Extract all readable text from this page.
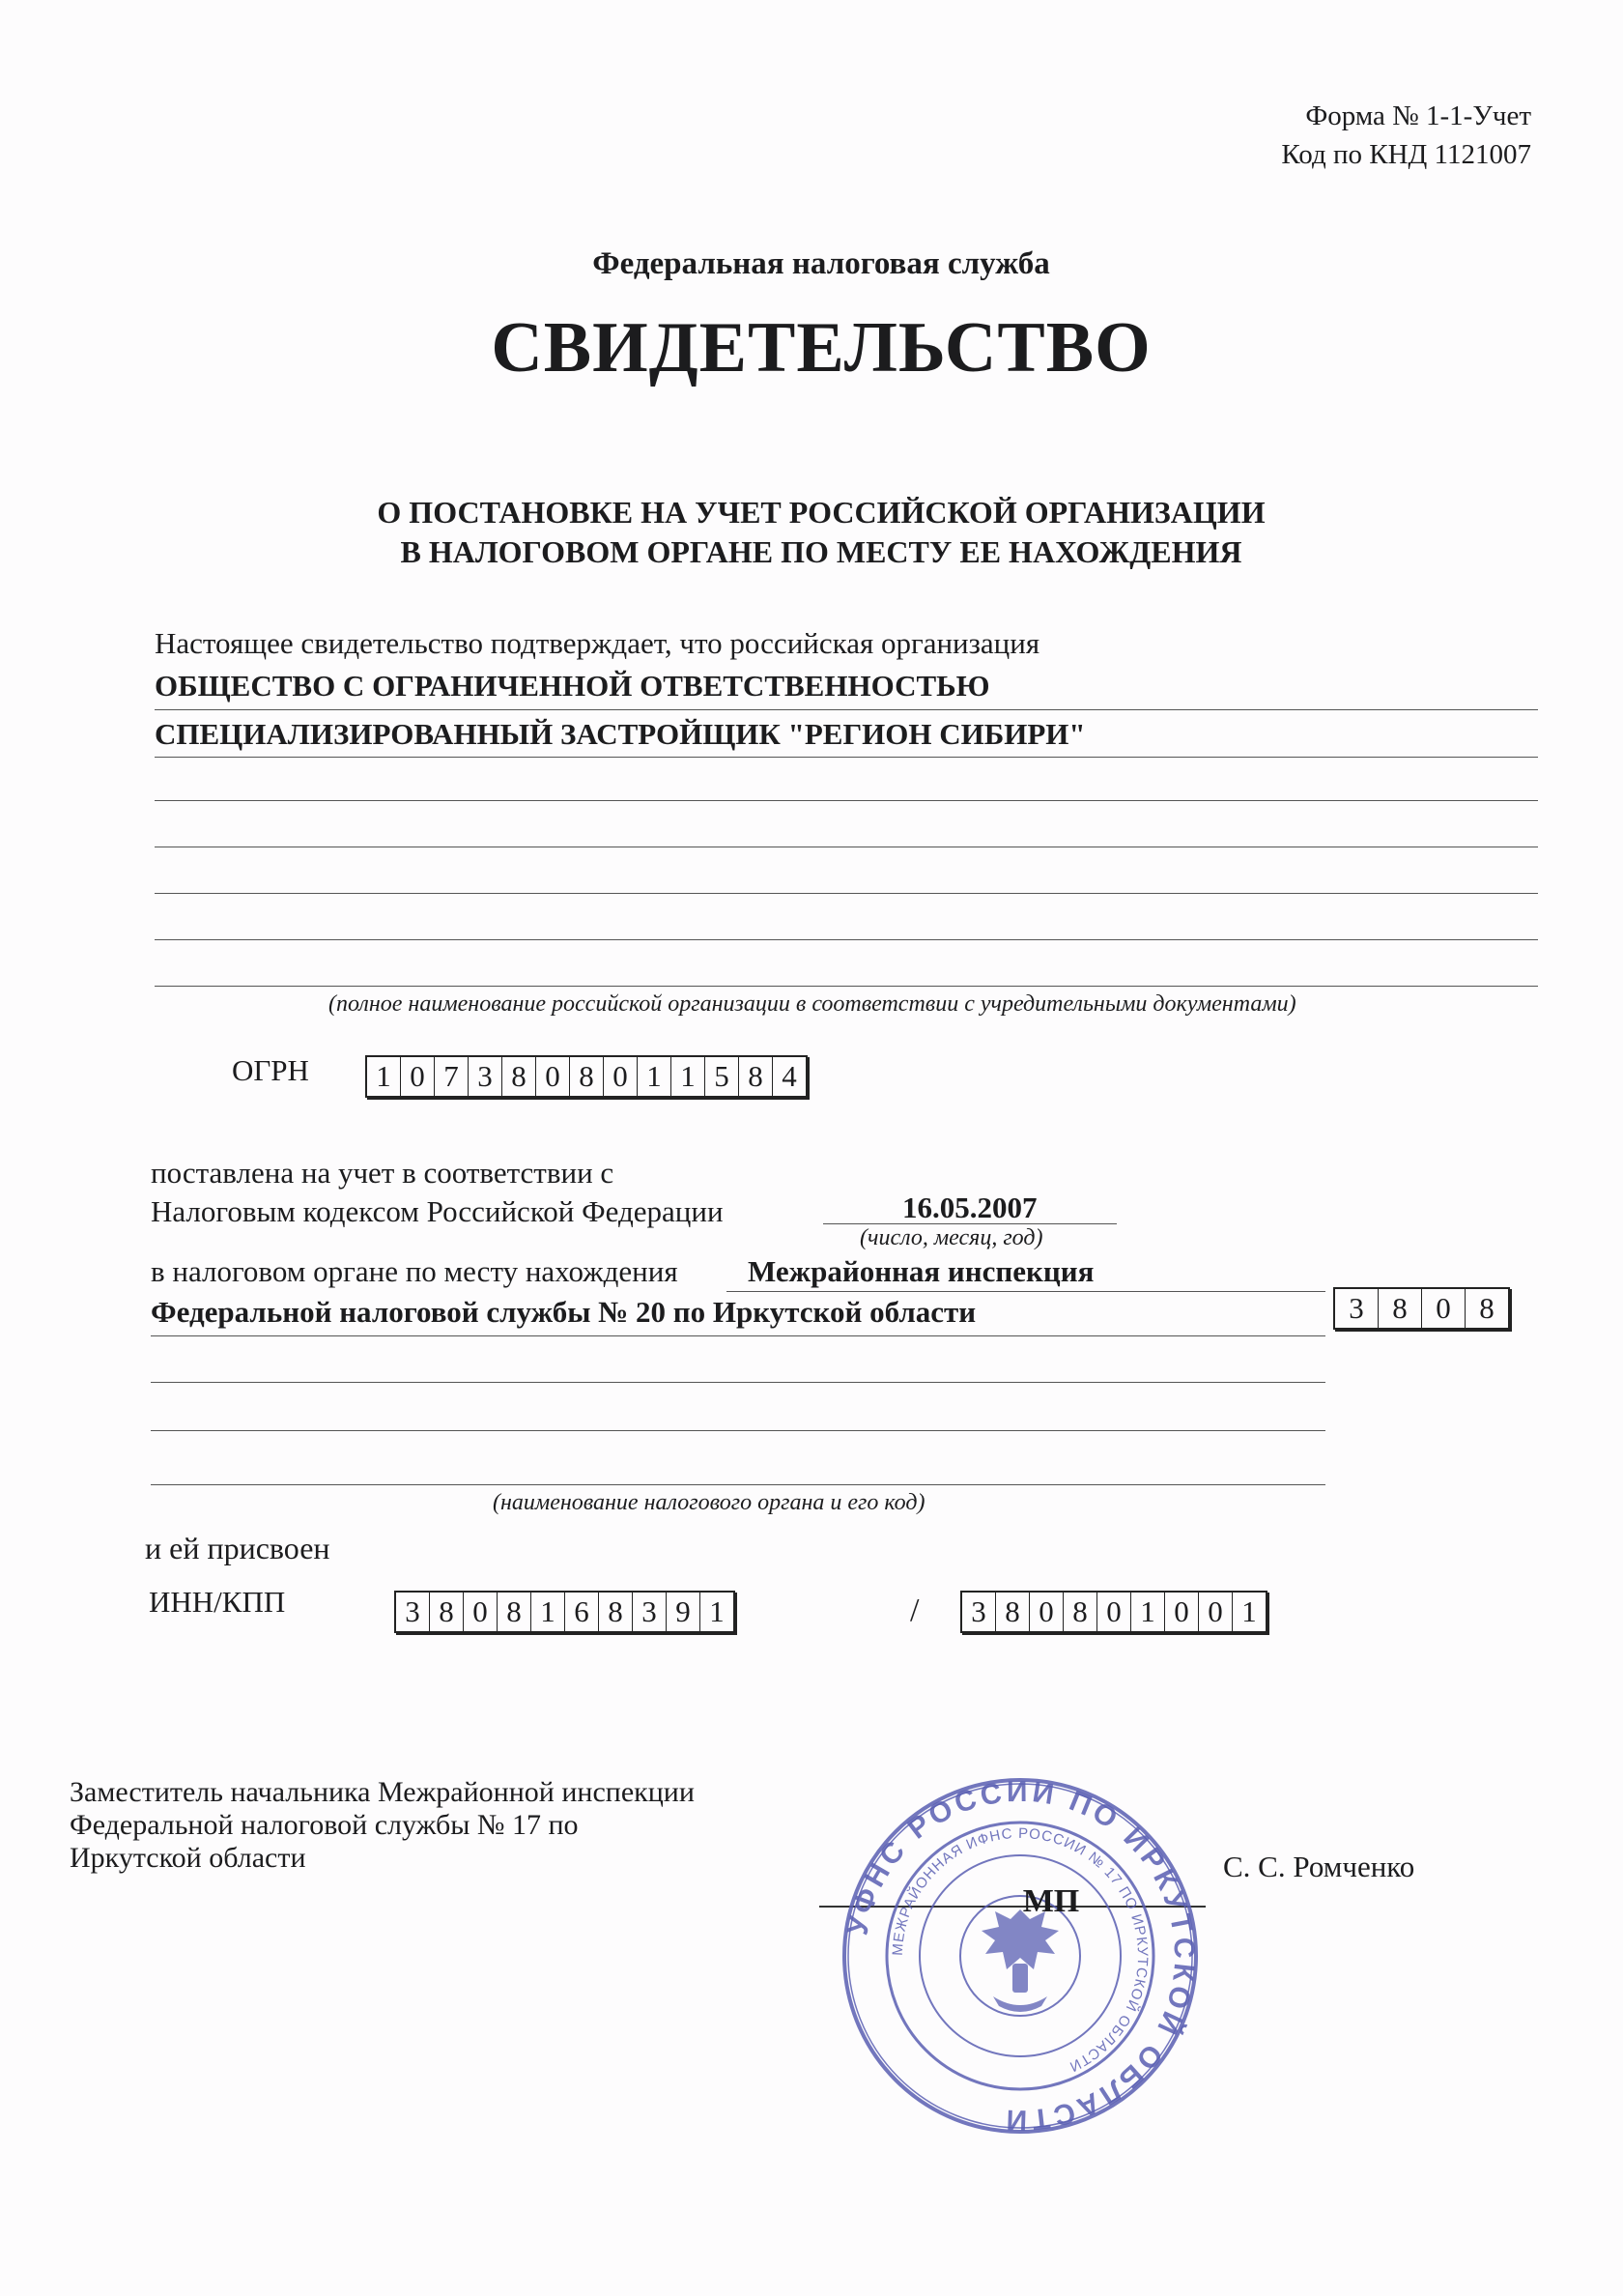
Форма № 1-1-Учет
Код по КНД 1121007
Федеральная налоговая служба
СВИДЕТЕЛЬСТВО
О ПОСТАНОВКЕ НА УЧЕТ РОССИЙСКОЙ ОРГАНИЗАЦИИ
В НАЛОГОВОМ ОРГАНЕ ПО МЕСТУ ЕЕ НАХОЖДЕНИЯ
Настоящее свидетельство подтверждает, что российская организация
ОБЩЕСТВО С ОГРАНИЧЕННОЙ ОТВЕТСТВЕННОСТЬЮ
СПЕЦИАЛИЗИРОВАННЫЙ ЗАСТРОЙЩИК "РЕГИОН СИБИРИ"
(полное наименование российской организации в соответствии с учредительными документами)
ОГРН 1 0 7 3 8 0 8 0 1 1 5 8 4
поставлена на учет в соответствии с
Налоговым кодексом Российской Федерации	16.05.2007
(число, месяц, год)
в налоговом органе по месту нахождения Межрайонная инспекция
Федеральной налоговой службы № 20 по Иркутской области	3 8 0 8
(наименование налогового органа и его код)
и ей присвоен
ИНН/КПП	3 8 0 8 1 6 8 3 9 1	/ 3 8 0 8 0 1 0 0 1
Заместитель начальника Межрайонной инспекции
Федеральной налоговой службы № 17 по
Иркутской области	С. С. Ромченко
УФНС РОССИИ ПО ИРКУТСКОЙ ОБЛАСТИ
МЕЖРАЙОННАЯ ИФНС РОССИИ № 17 ПО ИРКУТСКОЙ ОБЛАСТИ
МП
